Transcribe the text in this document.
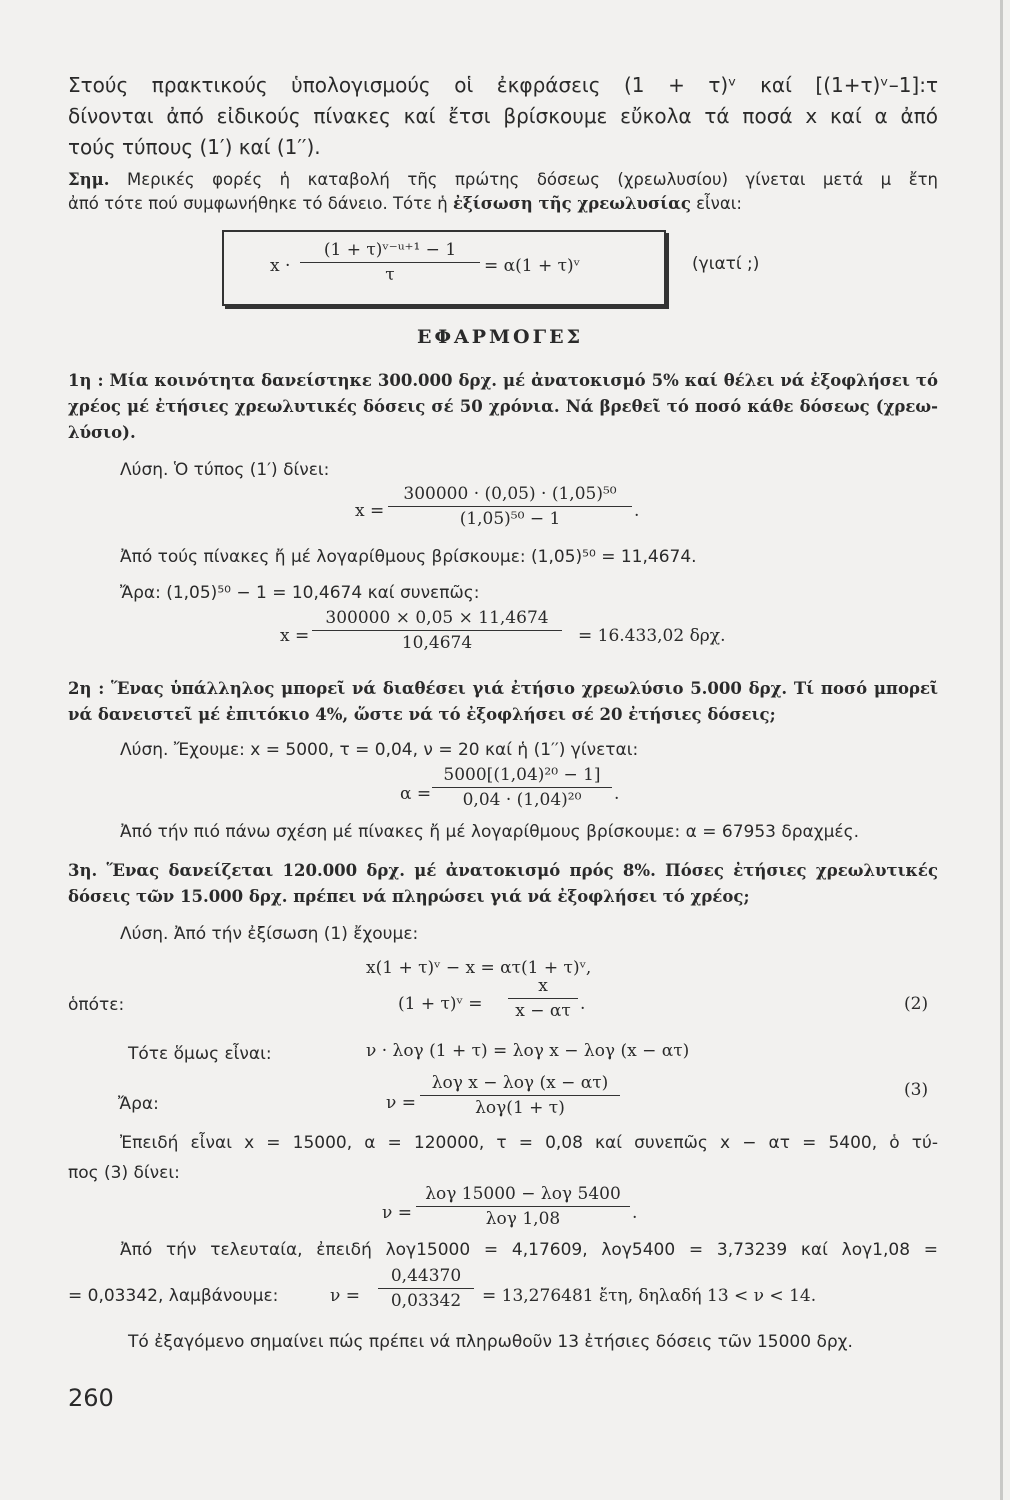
Στούς πρακτικούς ὑπολογισμούς οἱ ἐκφράσεις (1 + τ)ᵛ καί [(1+τ)ᵛ–1]:τ
δίνονται ἀπό εἰδικούς πίνακες καί ἔτσι βρίσκουμε εὔκολα τά ποσά x καί α ἀπό
τούς τύπους (1′) καί (1′′).
Σημ. Μερικές φορές ἡ καταβολή τῆς πρώτης δόσεως (χρεωλυσίου) γίνεται μετά μ ἔτη
ἀπό τότε πού συμφωνήθηκε τό δάνειο. Τότε ἡ ἐξίσωση τῆς χρεωλυσίας εἶναι:
x ·
(1 + τ)ᵛ⁻ᵘ⁺¹ − 1
τ	= α(1 + τ)ᵛ	(γιατί ;)
ΕΦΑΡΜΟΓΕΣ
1η : Μία κοινότητα δανείστηκε 300.000 δρχ. μέ ἀνατοκισμό 5% καί θέλει νά ἐξοφλήσει τό
χρέος μέ ἐτήσιες χρεωλυτικές δόσεις σέ 50 χρόνια. Νά βρεθεῖ τό ποσό κάθε δόσεως (χρεω-
λύσιο).
Λύση. Ὁ τύπος (1′) δίνει:
x =
300000 · (0,05) · (1,05)⁵⁰
(1,05)⁵⁰ − 1	.
Ἀπό τούς πίνακες ἤ μέ λογαρίθμους βρίσκουμε: (1,05)⁵⁰ = 11,4674.
Ἄρα: (1,05)⁵⁰ − 1 = 10,4674 καί συνεπῶς:
x =
300000 × 0,05 × 11,4674
10,4674	= 16.433,02 δρχ.
2η : Ἕνας ὑπάλληλος μπορεῖ νά διαθέσει γιά ἐτήσιο χρεωλύσιο 5.000 δρχ. Τί ποσό μπορεῖ
νά δανειστεῖ μέ ἐπιτόκιο 4%, ὥστε νά τό ἐξοφλήσει σέ 20 ἐτήσιες δόσεις;
Λύση. Ἔχουμε: x = 5000, τ = 0,04, ν = 20 καί ἡ (1′′) γίνεται:
α =
5000[(1,04)²⁰ − 1]
0,04 · (1,04)²⁰	.
Ἀπό τήν πιό πάνω σχέση μέ πίνακες ἤ μέ λογαρίθμους βρίσκουμε: α = 67953 δραχμές.
3η. Ἕνας δανείζεται 120.000 δρχ. μέ ἀνατοκισμό πρός 8%. Πόσες ἐτήσιες χρεωλυτικές
δόσεις τῶν 15.000 δρχ. πρέπει νά πληρώσει γιά νά ἐξοφλήσει τό χρέος;
Λύση. Ἀπό τήν ἐξίσωση (1) ἔχουμε:
x(1 + τ)ᵛ − x = ατ(1 + τ)ᵛ,
ὁπότε:	(1 + τ)ᵛ =
x
x − ατ .	(2)
Τότε ὅμως εἶναι:	ν · λογ (1 + τ) = λογ x − λογ (x − ατ)
Ἄρα:	ν =
λογ x − λογ (x − ατ)
λογ(1 + τ)
(3)
Ἐπειδή εἶναι x = 15000, α = 120000, τ = 0,08 καί συνεπῶς x − ατ = 5400, ὁ τύ-
πος (3) δίνει:
ν =
λογ 15000 − λογ 5400
λογ 1,08	.
Ἀπό τήν τελευταία, ἐπειδή λογ15000 = 4,17609, λογ5400 = 3,73239 καί λογ1,08 =
= 0,03342, λαμβάνουμε:	ν =
0,44370
0,03342	= 13,276481 ἔτη, δηλαδή 13 < ν < 14.
Τό ἐξαγόμενο σημαίνει πώς πρέπει νά πληρωθοῦν 13 ἐτήσιες δόσεις τῶν 15000 δρχ.
260
